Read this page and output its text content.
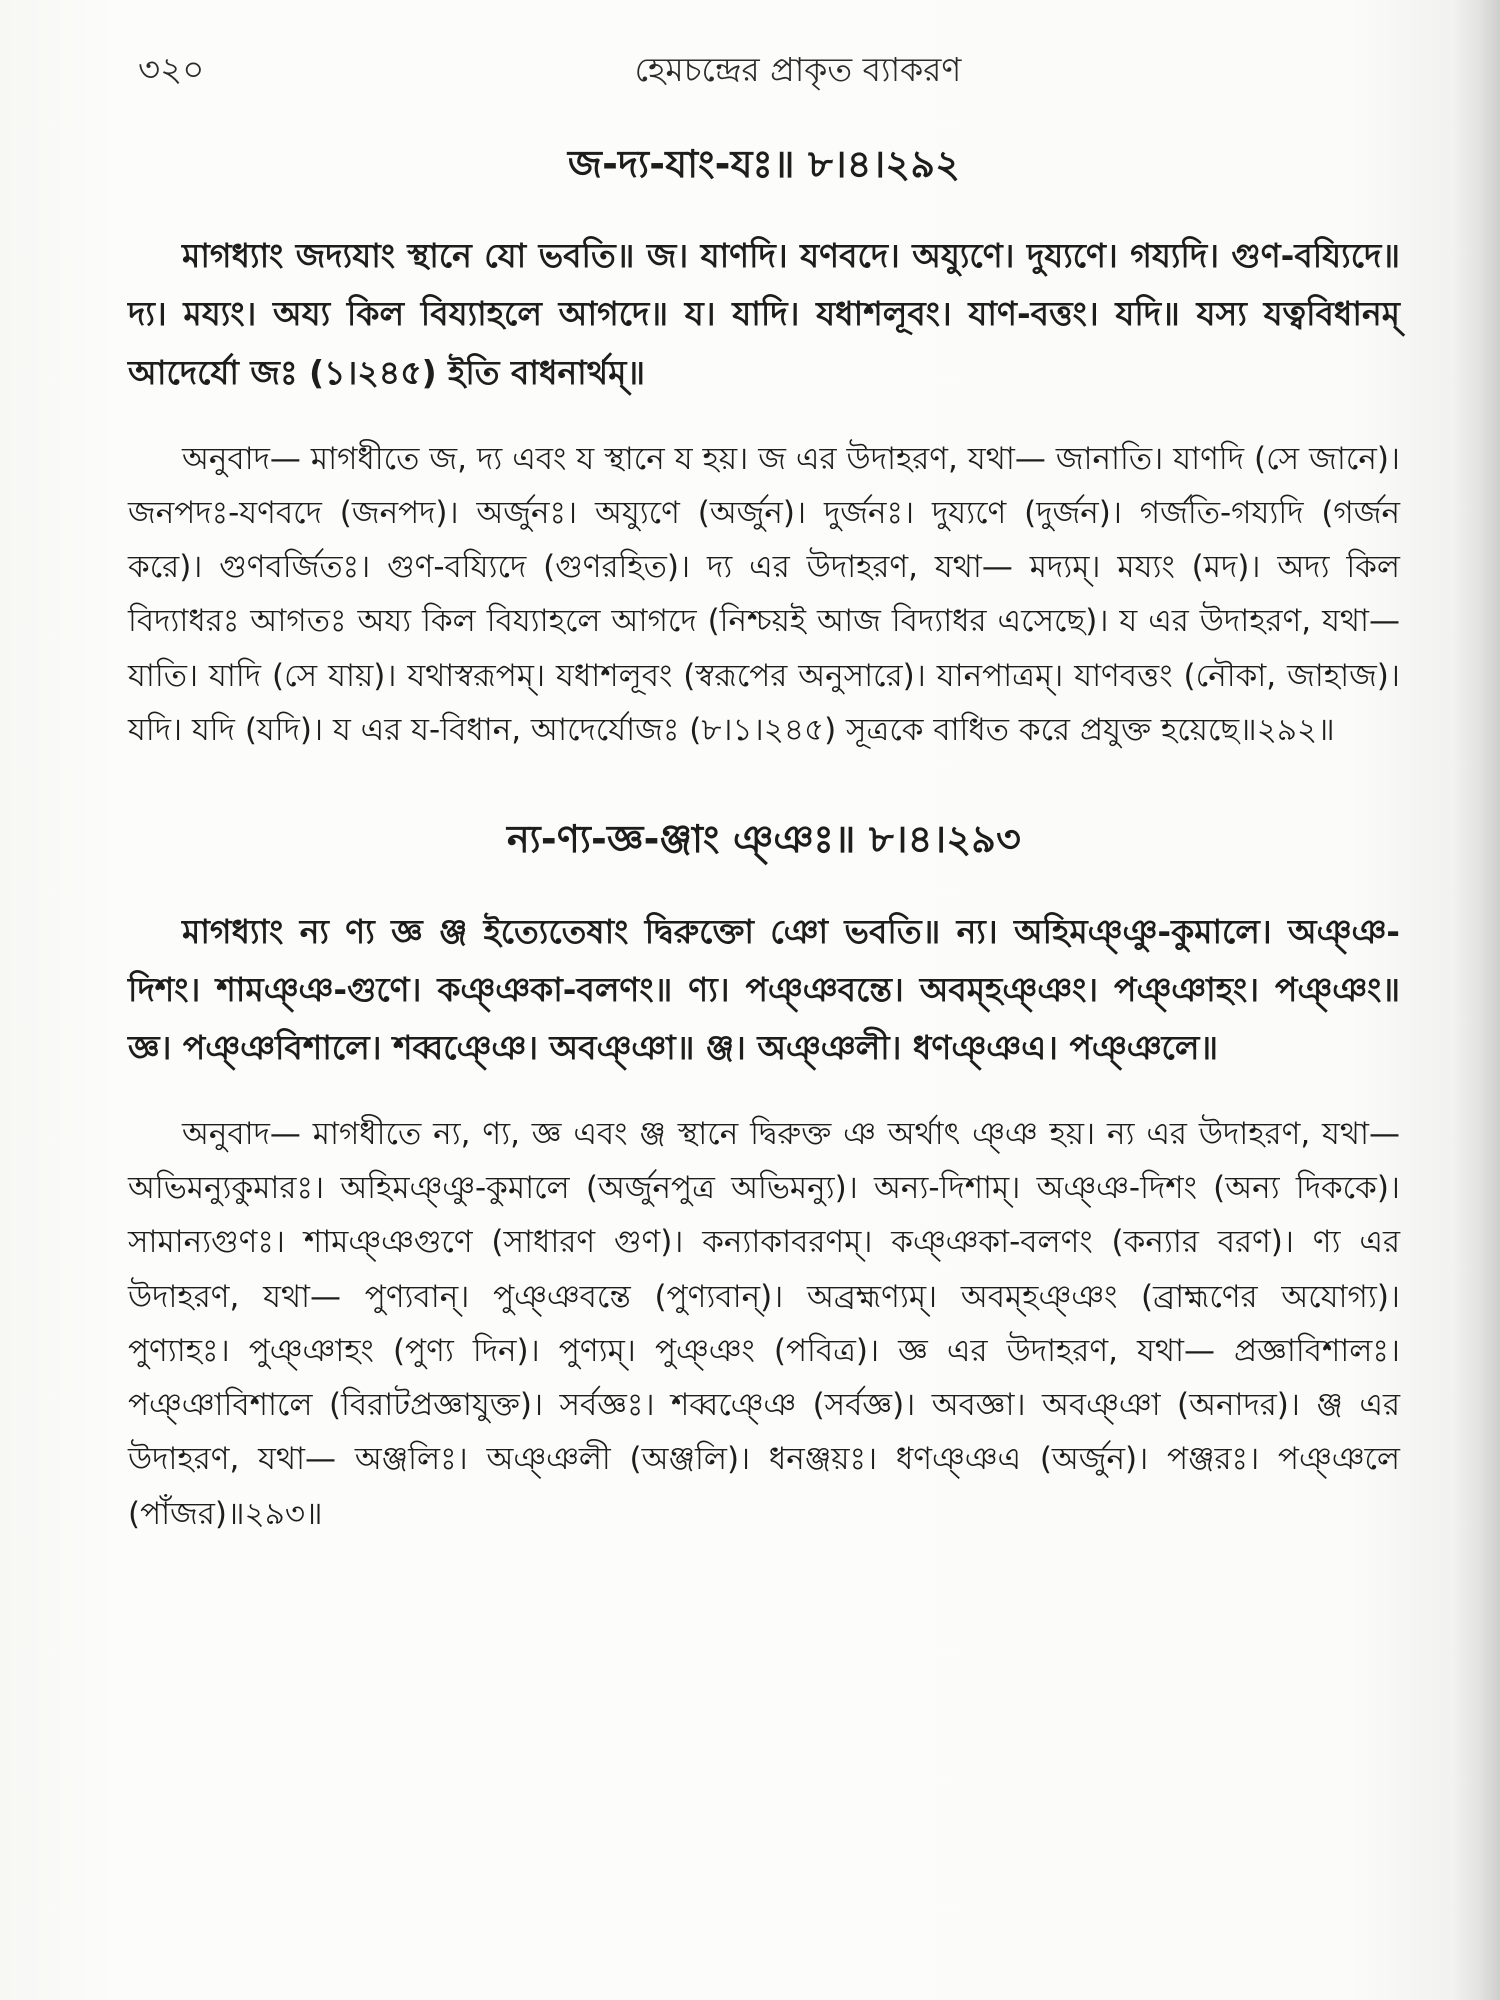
৩২০	হেমচন্দ্রের প্রাকৃত ব্যাকরণ
জ-দ্য-যাং-যঃ॥ ৮।৪।২৯২

মাগধ্যাং জদ্যযাং স্থানে যো ভবতি॥ জ। যাণদি। যণবদে। অয্যুণে। দুয্যণে। গয্যদি। গুণ-বয্যিদে॥ দ্য। ময্যং। অয্য কিল বিয্যাহলে আগদে॥ য। যাদি। যধাশলূবং। যাণ-বত্তং। যদি॥ যস্য যত্ববিধানম্ আদের্যো জঃ (১।২৪৫) ইতি বাধনার্থম্॥

অনুবাদ— মাগধীতে জ, দ্য এবং য স্থানে য হয়। জ এর উদাহরণ, যথা— জানাতি। যাণদি (সে জানে)। জনপদঃ-যণবদে (জনপদ)। অর্জুনঃ। অয্যুণে (অর্জুন)। দুর্জনঃ। দুয্যণে (দুর্জন)। গর্জতি-গয্যদি (গর্জন করে)। গুণবর্জিতঃ। গুণ-বয্যিদে (গুণরহিত)। দ্য এর উদাহরণ, যথা— মদ্যম্। ময্যং (মদ)। অদ্য কিল বিদ্যাধরঃ আগতঃ অয্য কিল বিয্যাহলে আগদে (নিশ্চয়ই আজ বিদ্যাধর এসেছে)। য এর উদাহরণ, যথা— যাতি। যাদি (সে যায়)। যথাস্বরূপম্। যধাশলূবং (স্বরূপের অনুসারে)। যানপাত্রম্। যাণবত্তং (নৌকা, জাহাজ)। যদি। যদি (যদি)। য এর য-বিধান, আদের্যোজঃ (৮।১।২৪৫) সূত্রকে বাধিত করে প্রযুক্ত হয়েছে॥২৯২॥

ন্য-ণ্য-জ্ঞ-ঞ্জাং ঞ্ঞঃ॥ ৮।৪।২৯৩

মাগধ্যাং ন্য ণ্য জ্ঞ ঞ্জ ইত্যেতেষাং দ্বিরুক্তো ঞো ভবতি॥ ন্য। অহিমঞ্ঞু-কুমালে। অঞ্ঞ-দিশং। শামঞ্ঞ-গুণে। কঞ্ঞকা-বলণং॥ ণ্য। পঞ্ঞবন্তে। অবম্হঞ্ঞং। পঞ্ঞাহং। পঞ্ঞং॥ জ্ঞ। পঞ্ঞবিশালে। শব্বঞ্ঞে। অবঞ্ঞা॥ ঞ্জ। অঞ্ঞলী। ধণঞ্ঞএ। পঞ্ঞলে॥

অনুবাদ— মাগধীতে ন্য, ণ্য, জ্ঞ এবং ঞ্জ স্থানে দ্বিরুক্ত ঞ অর্থাৎ ঞ্ঞ হয়। ন্য এর উদাহরণ, যথা— অভিমন্যুকুমারঃ। অহিমঞ্ঞু-কুমালে (অর্জুনপুত্র অভিমন্যু)। অন্য-দিশাম্। অঞ্ঞ-দিশং (অন্য দিককে)। সামান্যগুণঃ। শামঞ্ঞগুণে (সাধারণ গুণ)। কন্যাকাবরণম্। কঞ্ঞকা-বলণং (কন্যার বরণ)। ণ্য এর উদাহরণ, যথা— পুণ্যবান্। পুঞ্ঞবন্তে (পুণ্যবান্)। অব্রহ্মণ্যম্। অবম্হঞ্ঞং (ব্রাহ্মণের অযোগ্য)। পুণ্যাহঃ। পুঞ্ঞাহং (পুণ্য দিন)। পুণ্যম্। পুঞ্ঞং (পবিত্র)। জ্ঞ এর উদাহরণ, যথা— প্রজ্ঞাবিশালঃ। পঞ্ঞাবিশালে (বিরাটপ্রজ্ঞাযুক্ত)। সর্বজ্ঞঃ। শব্বঞ্ঞে (সর্বজ্ঞ)। অবজ্ঞা। অবঞ্ঞা (অনাদর)। ঞ্জ এর উদাহরণ, যথা— অঞ্জলিঃ। অঞ্ঞলী (অঞ্জলি)। ধনঞ্জয়ঃ। ধণঞ্ঞএ (অর্জুন)। পঞ্জরঃ। পঞ্ঞলে (পাঁজর)॥২৯৩॥
